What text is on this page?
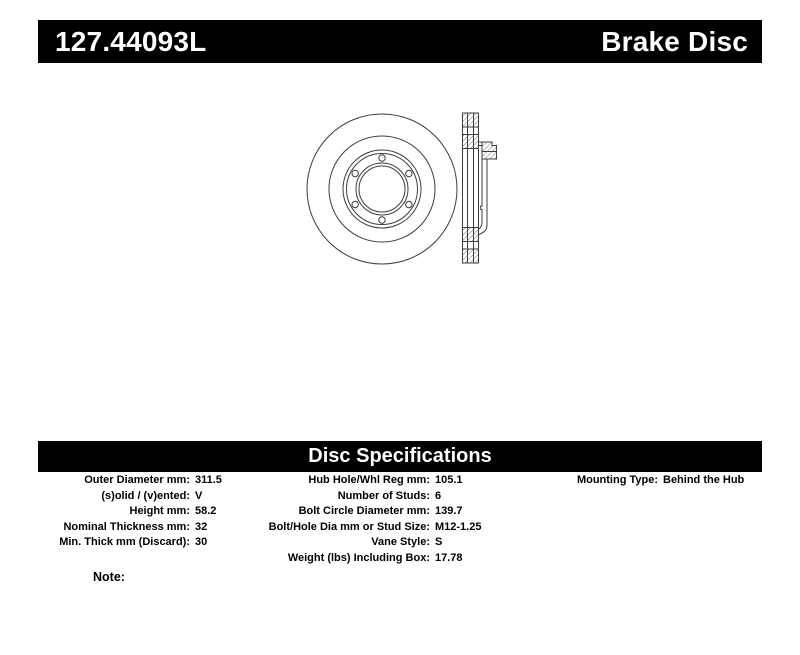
127.44093L	Brake Disc
Disc Specifications
Outer Diameter mm: 311.5
(s)olid / (v)ented: V
Height mm: 58.2
Nominal Thickness mm: 32
Min. Thick mm (Discard): 30
Hub Hole/Whl Reg mm: 105.1
Number of Studs: 6
Bolt Circle Diameter mm: 139.7
Bolt/Hole Dia mm or Stud Size: M12-1.25
Vane Style: S
Weight (lbs) Including Box: 17.78
Mounting Type: Behind the Hub
Note:
